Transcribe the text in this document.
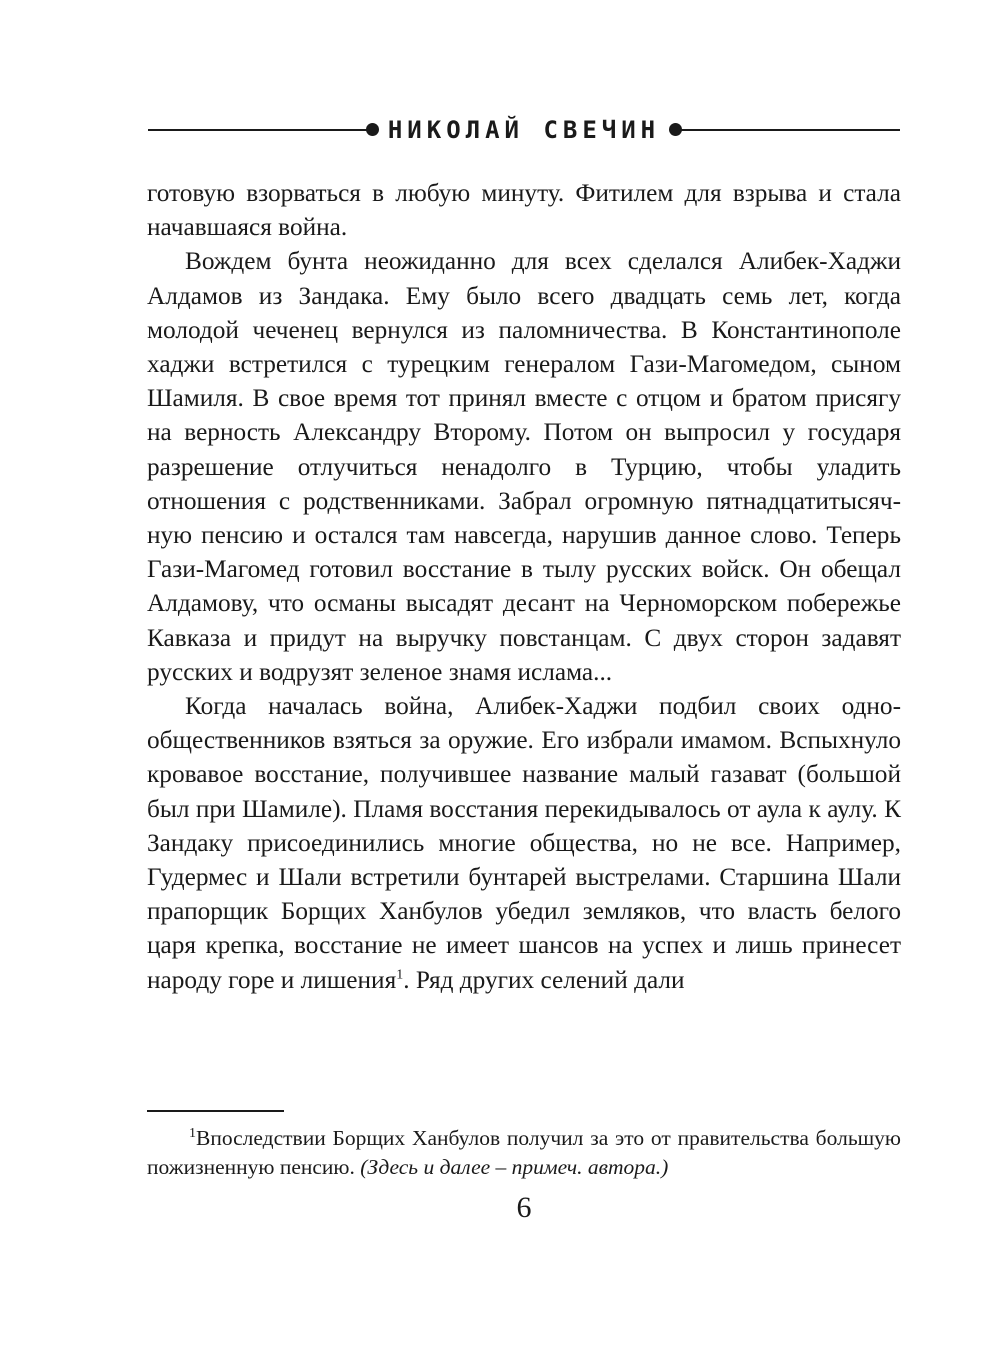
НИКОЛАЙ СВЕЧИН

готовую взорваться в любую минуту. Фитилем для взрыва и стала начавшаяся война.

Вождем бунта неожиданно для всех сделался Алибек-Хаджи Алдамов из Зандака. Ему было всего двадцать семь лет, когда молодой чеченец вернулся из паломничества. В Константинополе хаджи встретился с турецким генералом Гази-Магомедом, сыном Шамиля. В свое время тот принял вместе с отцом и братом присягу на верность Александру Второму. Потом он выпросил у государя разрешение отлучиться ненадолго в Турцию, чтобы уладить отношения с родственниками. Забрал огромную пятнадцатитысячную пенсию и остался там навсегда, нарушив данное слово. Теперь Гази-Магомед готовил восстание в тылу русских войск. Он обещал Алдамову, что османы высадят десант на Черноморском побережье Кавказа и придут на выручку повстанцам. С двух сторон задавят русских и водрузят зеленое знамя ислама...

Когда началась война, Алибек-Хаджи подбил своих однообщественников взяться за оружие. Его избрали имамом. Вспыхнуло кровавое восстание, получившее название малый газават (большой был при Шамиле). Пламя восстания перекидывалось от аула к аулу. К Зандаку присоединились многие общества, но не все. Например, Гудермес и Шали встретили бунтарей выстрелами. Старшина Шали прапорщик Борщих Ханбулов убедил земляков, что власть белого царя крепка, восстание не имеет шансов на успех и лишь принесет народу горе и лишения$^1$. Ряд других селений дали

$^1$Впоследствии Борщих Ханбулов получил за это от правительства большую пожизненную пенсию. (Здесь и далее – примеч. автора.)
6
